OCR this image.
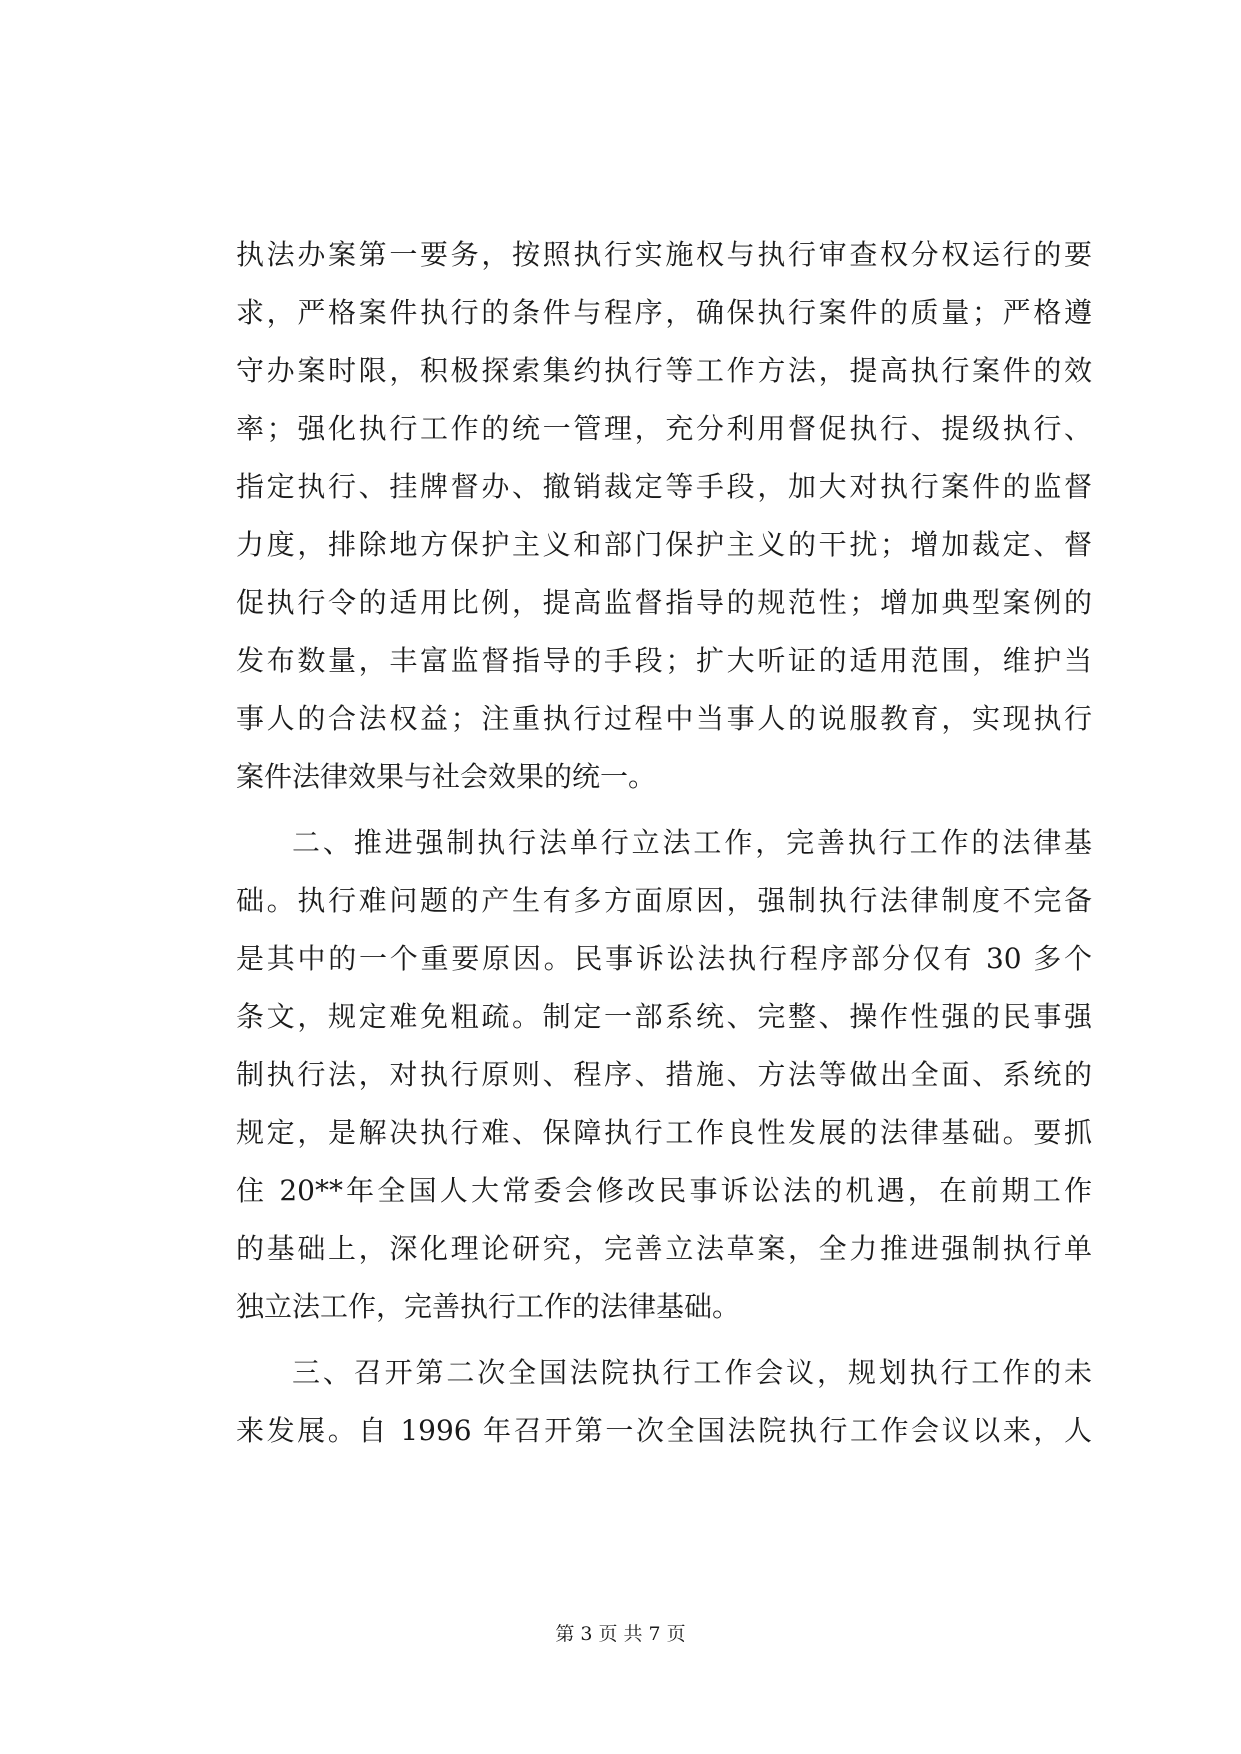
执法办案第一要务，按照执行实施权与执行审查权分权运行的要
求，严格案件执行的条件与程序，确保执行案件的质量；严格遵
守办案时限，积极探索集约执行等工作方法，提高执行案件的效
率；强化执行工作的统一管理，充分利用督促执行、提级执行、
指定执行、挂牌督办、撤销裁定等手段，加大对执行案件的监督
力度，排除地方保护主义和部门保护主义的干扰；增加裁定、督
促执行令的适用比例，提高监督指导的规范性；增加典型案例的
发布数量，丰富监督指导的手段；扩大听证的适用范围，维护当
事人的合法权益；注重执行过程中当事人的说服教育，实现执行
案件法律效果与社会效果的统一。
二、推进强制执行法单行立法工作，完善执行工作的法律基
础。执行难问题的产生有多方面原因，强制执行法律制度不完备
是其中的一个重要原因。民事诉讼法执行程序部分仅有 30 多个
条文，规定难免粗疏。制定一部系统、完整、操作性强的民事强
制执行法，对执行原则、程序、措施、方法等做出全面、系统的
规定，是解决执行难、保障执行工作良性发展的法律基础。要抓
住 20**年全国人大常委会修改民事诉讼法的机遇，在前期工作
的基础上，深化理论研究，完善立法草案，全力推进强制执行单
独立法工作，完善执行工作的法律基础。
三、召开第二次全国法院执行工作会议，规划执行工作的未
来发展。自 1996 年召开第一次全国法院执行工作会议以来，人
第 3 页 共 7 页
